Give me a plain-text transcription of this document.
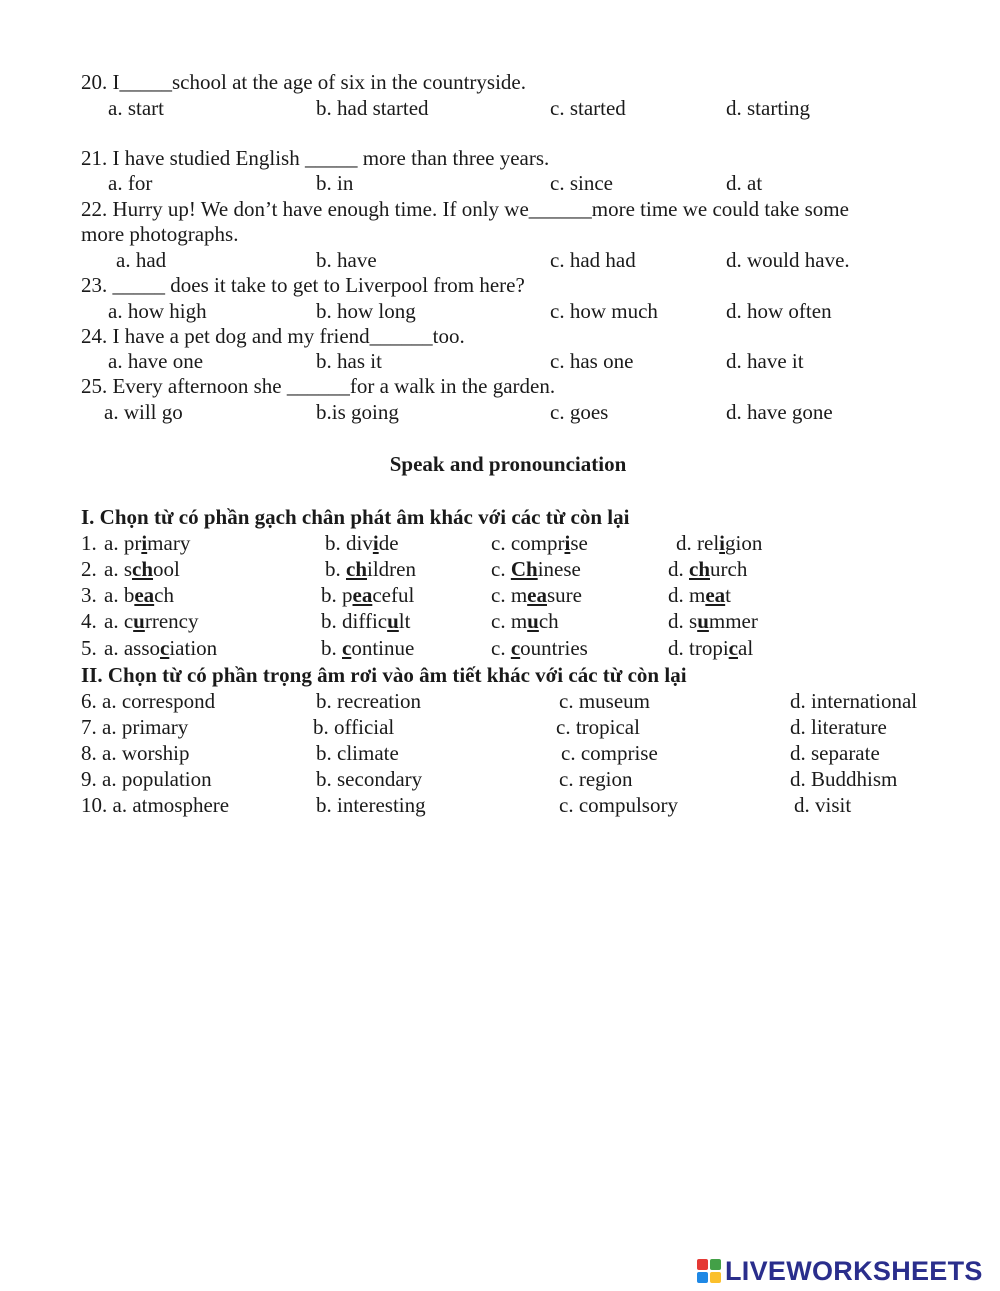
20. I_____school at the age of six in the countryside.
a. start	b. had started	c. started	d. starting
21. I have studied English _____ more than three years.
a. for	b. in	c. since	d. at
22. Hurry up! We don’t have enough time. If only we______more time we could take some
more photographs.
a. had	b. have	c. had had	d. would have.
23. _____ does it take to get to Liverpool from here?
a. how high	b. how long	c. how much	d. how often
24. I have a pet dog and my friend______too.
a. have one	b. has it	c. has one	d. have it
25. Every afternoon she ______for a walk in the garden.
a. will go	b.is going	c. goes	d. have gone
Speak and pronounciation
I. Chọn từ có phần gạch chân phát âm khác với các từ còn lại
1. a. primary	b. divide	c. comprise	d. religion
2. a. school	b. children	c. Chinese	d. church
3. a. beach	b. peaceful	c. measure	d. meat
4. a. currency	b. difficult	c. much	d. summer
5. a. association	b. continue	c. countries	d. tropical
II. Chọn từ có phần trọng âm rơi vào âm tiết khác với các từ còn lại
6. a. correspond	b. recreation	c. museum	d. international
7. a. primary	b. official	c. tropical	d. literature
8. a. worship	b. climate	c. comprise	d. separate
9. a. population	b. secondary	c. region	d. Buddhism
10. a. atmosphere	b. interesting	c. compulsory	d. visit
LIVEWORKSHEETS
